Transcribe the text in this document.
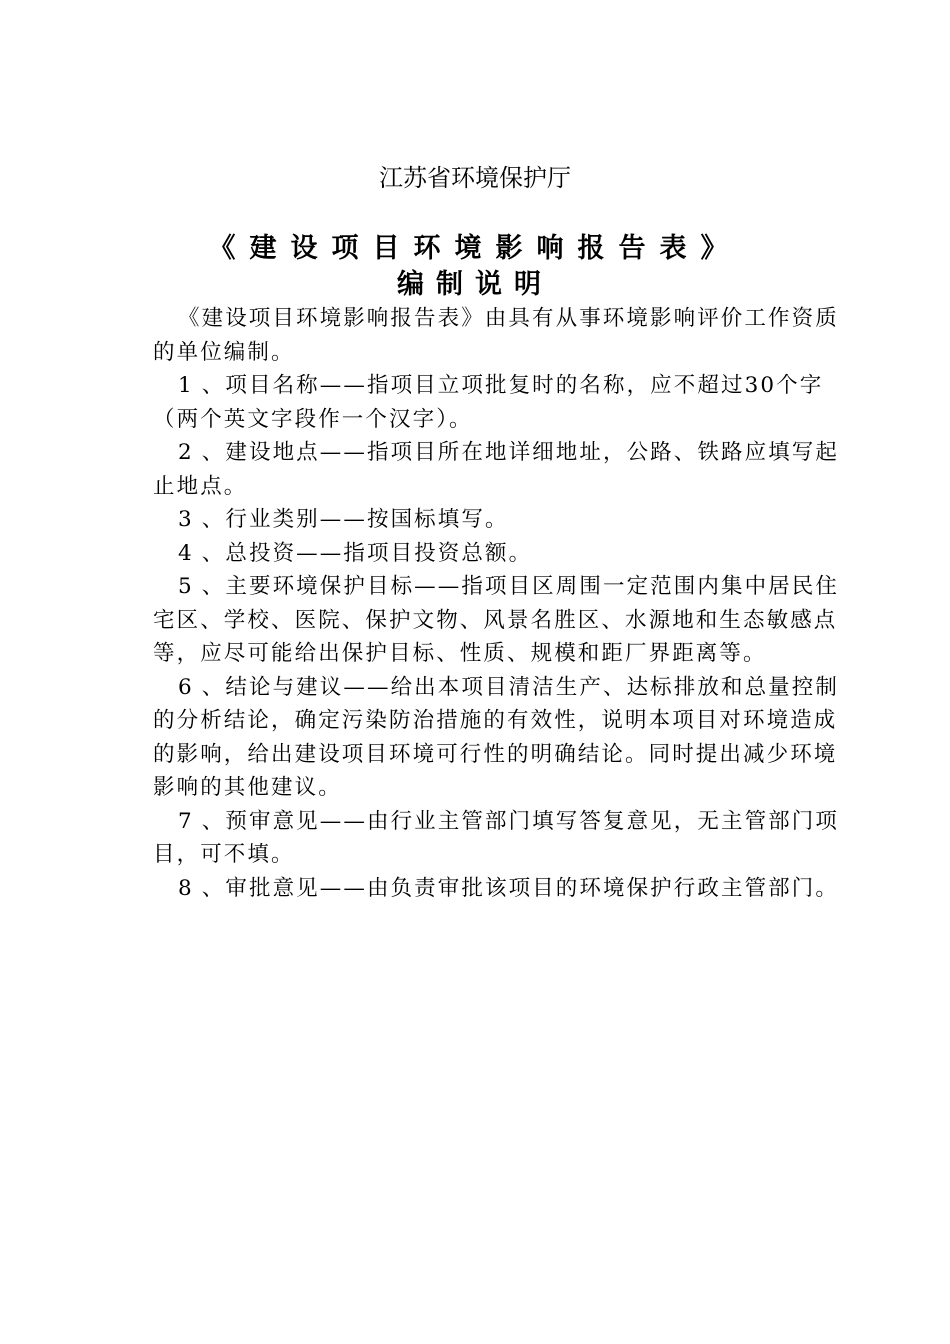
江苏省环境保护厅
《建设项目环境影响报告表》
编制说明

《建设项目环境影响报告表》由具有从事环境影响评价工作资质的单位编制。

1 、项目名称——指项目立项批复时的名称，应不超过30个字（两个英文字段作一个汉字）。

2 、建设地点——指项目所在地详细地址，公路、铁路应填写起止地点。

3 、行业类别——按国标填写。

4 、总投资——指项目投资总额。

5 、主要环境保护目标——指项目区周围一定范围内集中居民住宅区、学校、医院、保护文物、风景名胜区、水源地和生态敏感点等，应尽可能给出保护目标、性质、规模和距厂界距离等。

6 、结论与建议——给出本项目清洁生产、达标排放和总量控制的分析结论，确定污染防治措施的有效性，说明本项目对环境造成的影响，给出建设项目环境可行性的明确结论。同时提出减少环境影响的其他建议。

7 、预审意见——由行业主管部门填写答复意见，无主管部门项目，可不填。

8 、审批意见——由负责审批该项目的环境保护行政主管部门。
